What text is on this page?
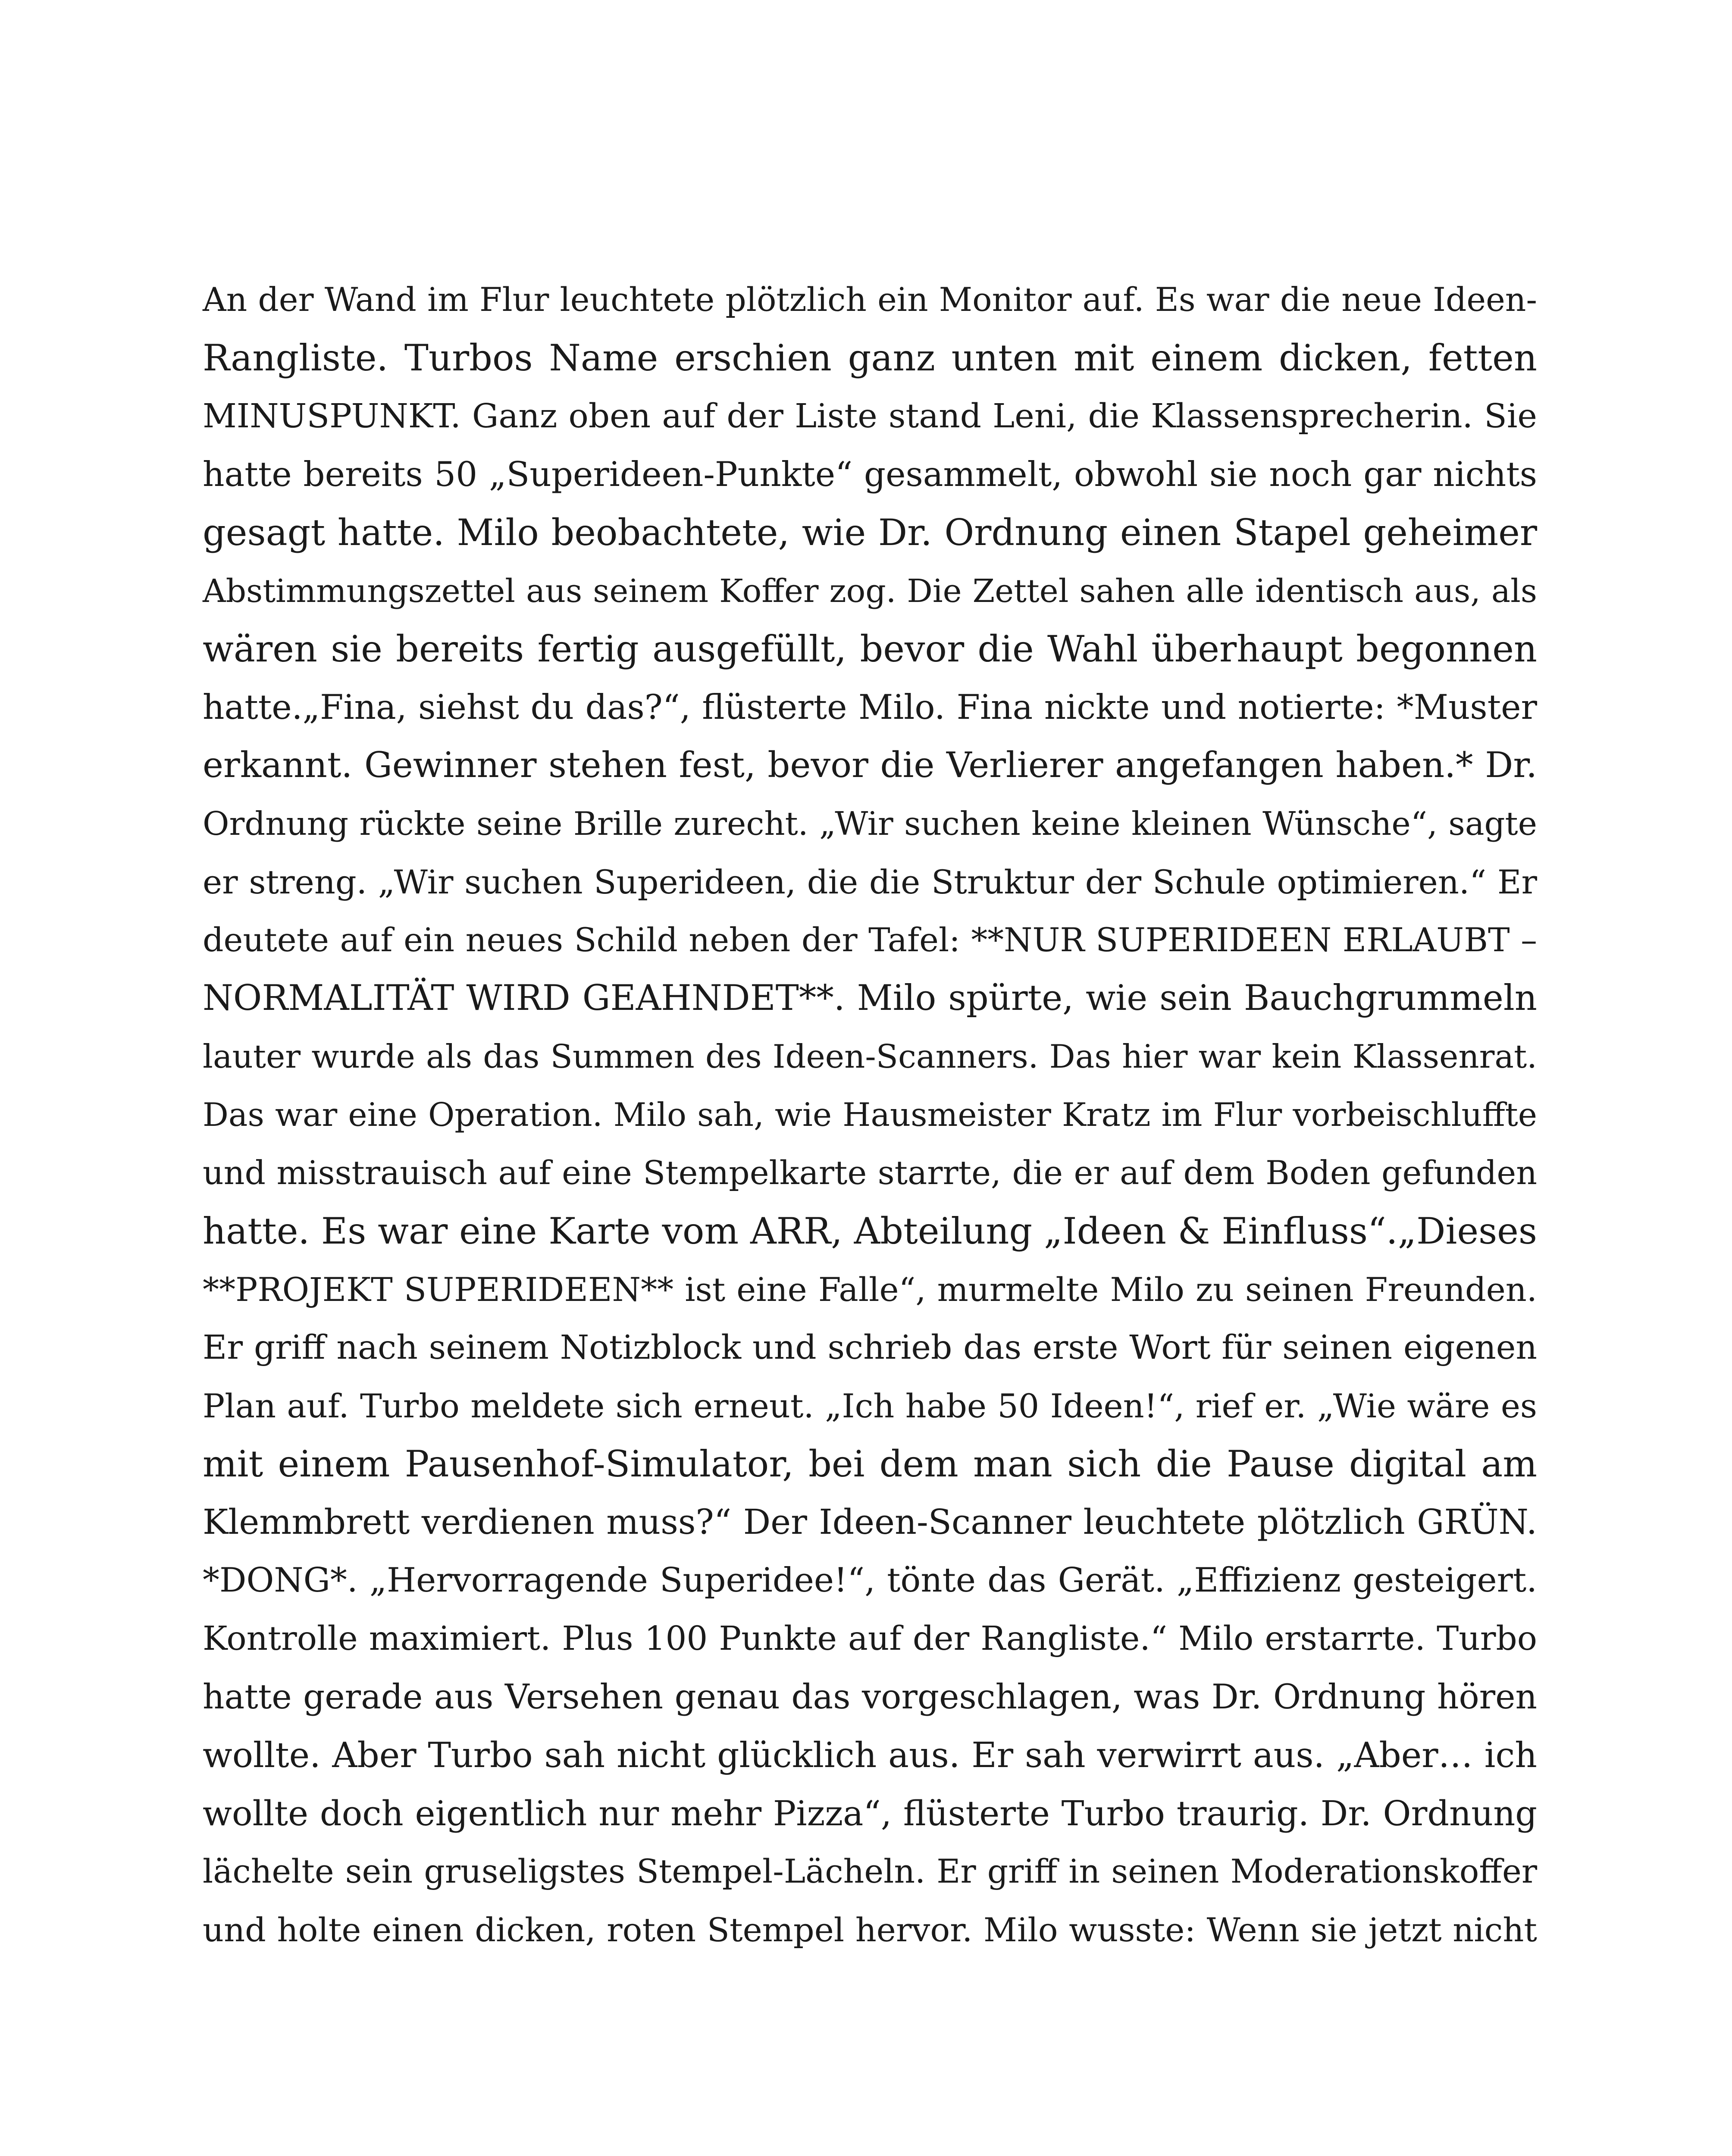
An der Wand im Flur leuchtete plötzlich ein Monitor auf. Es war die neue Ideen-
Rangliste. Turbos Name erschien ganz unten mit einem dicken, fetten
MINUSPUNKT. Ganz oben auf der Liste stand Leni, die Klassensprecherin. Sie
hatte bereits 50 „Superideen-Punkte“ gesammelt, obwohl sie noch gar nichts
gesagt hatte. Milo beobachtete, wie Dr. Ordnung einen Stapel geheimer
Abstimmungszettel aus seinem Koffer zog. Die Zettel sahen alle identisch aus, als
wären sie bereits fertig ausgefüllt, bevor die Wahl überhaupt begonnen
hatte.„Fina, siehst du das?“, flüsterte Milo. Fina nickte und notierte: *Muster
erkannt. Gewinner stehen fest, bevor die Verlierer angefangen haben.* Dr.
Ordnung rückte seine Brille zurecht. „Wir suchen keine kleinen Wünsche“, sagte
er streng. „Wir suchen Superideen, die die Struktur der Schule optimieren.“ Er
deutete auf ein neues Schild neben der Tafel: **NUR SUPERIDEEN ERLAUBT –
NORMALITÄT WIRD GEAHNDET**. Milo spürte, wie sein Bauchgrummeln
lauter wurde als das Summen des Ideen-Scanners. Das hier war kein Klassenrat.
Das war eine Operation. Milo sah, wie Hausmeister Kratz im Flur vorbeischluffte
und misstrauisch auf eine Stempelkarte starrte, die er auf dem Boden gefunden
hatte. Es war eine Karte vom ARR, Abteilung „Ideen & Einfluss“.„Dieses
**PROJEKT SUPERIDEEN** ist eine Falle“, murmelte Milo zu seinen Freunden.
Er griff nach seinem Notizblock und schrieb das erste Wort für seinen eigenen
Plan auf. Turbo meldete sich erneut. „Ich habe 50 Ideen!“, rief er. „Wie wäre es
mit einem Pausenhof-Simulator, bei dem man sich die Pause digital am
Klemmbrett verdienen muss?“ Der Ideen-Scanner leuchtete plötzlich GRÜN.
*DONG*. „Hervorragende Superidee!“, tönte das Gerät. „Effizienz gesteigert.
Kontrolle maximiert. Plus 100 Punkte auf der Rangliste.“ Milo erstarrte. Turbo
hatte gerade aus Versehen genau das vorgeschlagen, was Dr. Ordnung hören
wollte. Aber Turbo sah nicht glücklich aus. Er sah verwirrt aus. „Aber… ich
wollte doch eigentlich nur mehr Pizza“, flüsterte Turbo traurig. Dr. Ordnung
lächelte sein gruseligstes Stempel-Lächeln. Er griff in seinen Moderationskoffer
und holte einen dicken, roten Stempel hervor. Milo wusste: Wenn sie jetzt nicht
